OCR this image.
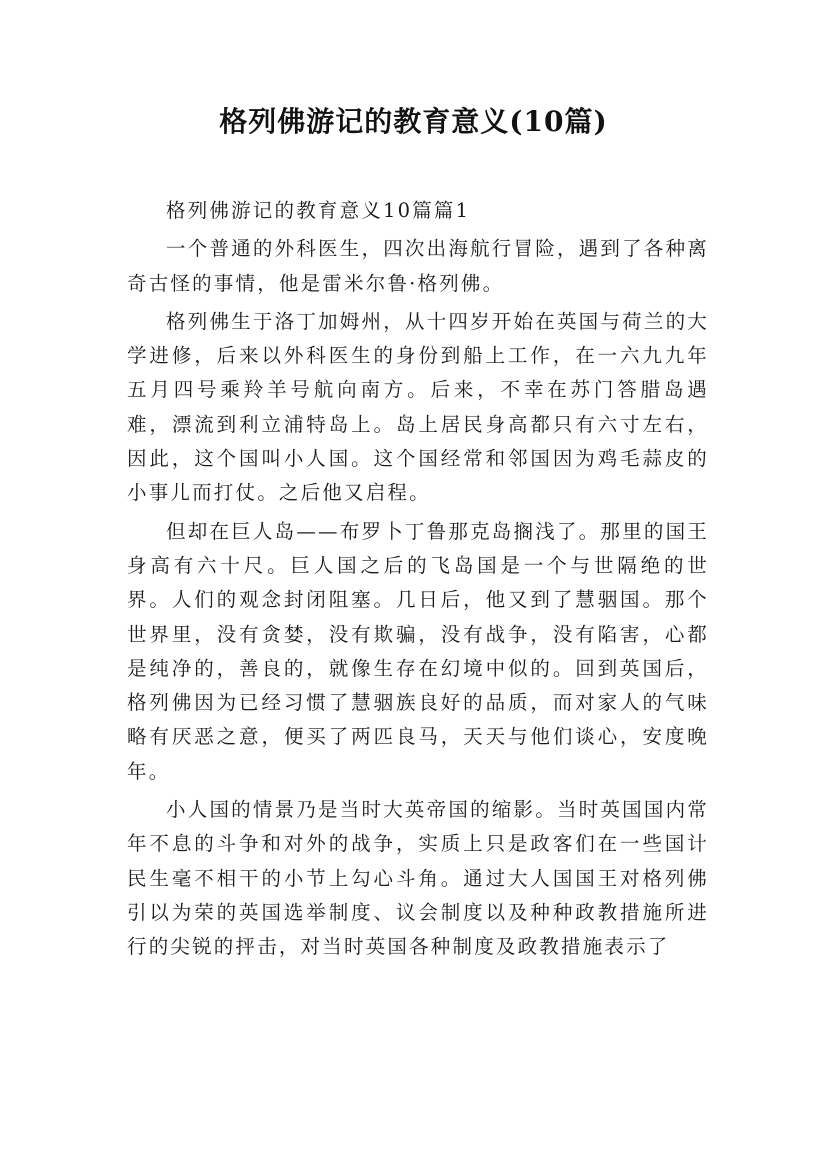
格列佛游记的教育意义(10篇)

格列佛游记的教育意义10篇篇1

一个普通的外科医生，四次出海航行冒险，遇到了各种离奇古怪的事情，他是雷米尔鲁·格列佛。

格列佛生于洛丁加姆州，从十四岁开始在英国与荷兰的大学进修，后来以外科医生的身份到船上工作，在一六九九年五月四号乘羚羊号航向南方。后来，不幸在苏门答腊岛遇难，漂流到利立浦特岛上。岛上居民身高都只有六寸左右，因此，这个国叫小人国。这个国经常和邻国因为鸡毛蒜皮的小事儿而打仗。之后他又启程。

但却在巨人岛——布罗卜丁鲁那克岛搁浅了。那里的国王身高有六十尺。巨人国之后的飞岛国是一个与世隔绝的世界。人们的观念封闭阻塞。几日后，他又到了慧骃国。那个世界里，没有贪婪，没有欺骗，没有战争，没有陷害，心都是纯净的，善良的，就像生存在幻境中似的。回到英国后，格列佛因为已经习惯了慧骃族良好的品质，而对家人的气味略有厌恶之意，便买了两匹良马，天天与他们谈心，安度晚年。

小人国的情景乃是当时大英帝国的缩影。当时英国国内常年不息的斗争和对外的战争，实质上只是政客们在一些国计民生毫不相干的小节上勾心斗角。通过大人国国王对格列佛引以为荣的英国选举制度、议会制度以及种种政教措施所进行的尖锐的抨击，对当时英国各种制度及政教措施表示了
